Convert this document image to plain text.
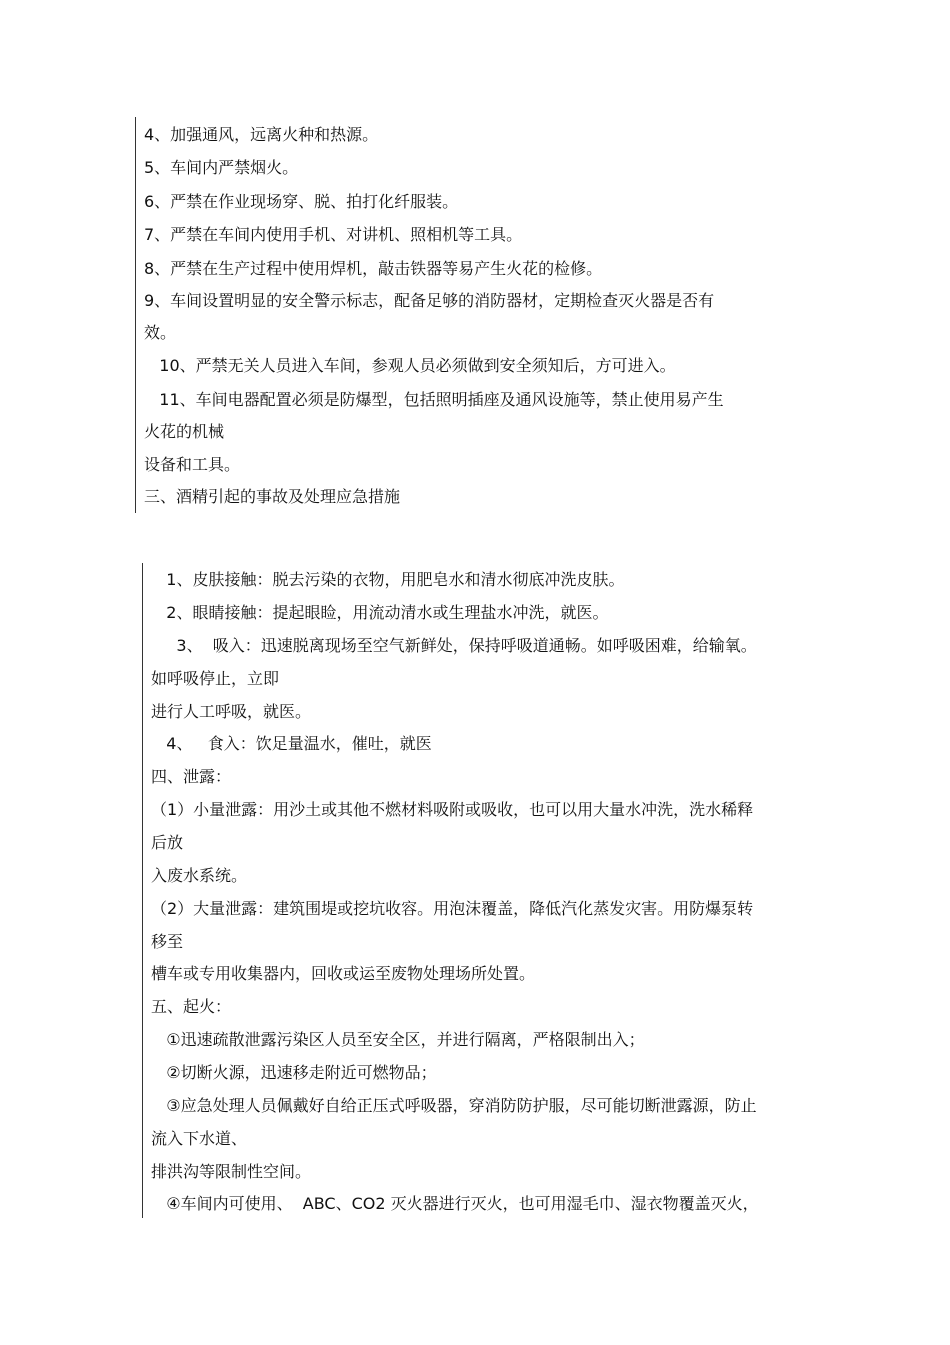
4、加强通风，远离火种和热源。
5、车间内严禁烟火。
6、严禁在作业现场穿、脱、拍打化纤服装。
7、严禁在车间内使用手机、对讲机、照相机等工具。
8、严禁在生产过程中使用焊机，敲击铁器等易产生火花的检修。
9、车间设置明显的安全警示标志，配备足够的消防器材，定期检查灭火器是否有
效。
10、严禁无关人员进入车间，参观人员必须做到安全须知后，方可进入。
11、车间电器配置必须是防爆型，包括照明插座及通风设施等，禁止使用易产生
火花的机械
设备和工具。
三、酒精引起的事故及处理应急措施
1、皮肤接触：脱去污染的衣物，用肥皂水和清水彻底冲洗皮肤。
2、眼睛接触：提起眼睑，用流动清水或生理盐水冲洗，就医。
3、  吸入：迅速脱离现场至空气新鲜处，保持呼吸道通畅。如呼吸困难，给输氧。
如呼吸停止，立即
进行人工呼吸，就医。
4、   食入：饮足量温水，催吐，就医
四、泄露：
（1）小量泄露：用沙土或其他不燃材料吸附或吸收，也可以用大量水冲洗，洗水稀释
后放
入废水系统。
（2）大量泄露：建筑围堤或挖坑收容。用泡沫覆盖，降低汽化蒸发灾害。用防爆泵转
移至
槽车或专用收集器内，回收或运至废物处理场所处置。
五、起火：
①迅速疏散泄露污染区人员至安全区，并进行隔离，严格限制出入；
②切断火源，迅速移走附近可燃物品；
③应急处理人员佩戴好自给正压式呼吸器，穿消防防护服，尽可能切断泄露源，防止
流入下水道、
排洪沟等限制性空间。
④车间内可使用、  ABC、CO2 灭火器进行灭火，也可用湿毛巾、湿衣物覆盖灭火，
